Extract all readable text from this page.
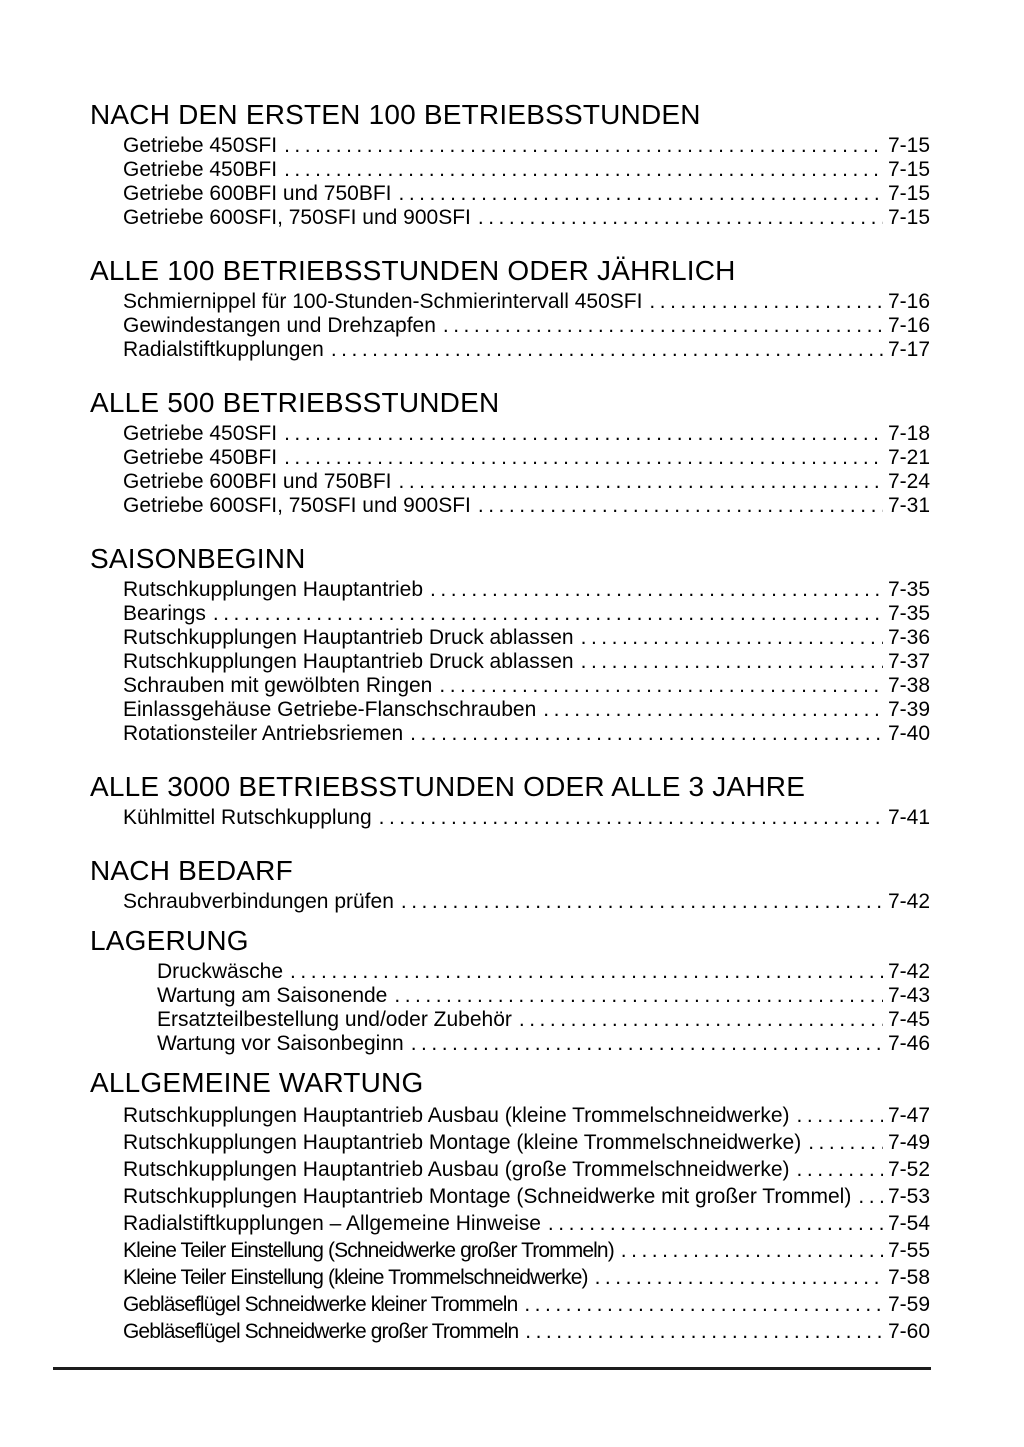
NACH DEN ERSTEN 100 BETRIEBSSTUNDEN
Getriebe 450SFI .....	7-15
Getriebe 450BFI .....	7-15
Getriebe 600BFI und 750BFI .....	7-15
Getriebe 600SFI, 750SFI und 900SFI .....	7-15
ALLE 100 BETRIEBSSTUNDEN ODER JÄHRLICH
Schmiernippel für 100-Stunden-Schmierintervall 450SFI .....	7-16
Gewindestangen und Drehzapfen .....	7-16
Radialstiftkupplungen .....	7-17
ALLE 500 BETRIEBSSTUNDEN
Getriebe 450SFI .....	7-18
Getriebe 450BFI .....	7-21
Getriebe 600BFI und 750BFI .....	7-24
Getriebe 600SFI, 750SFI und 900SFI .....	7-31
SAISONBEGINN
Rutschkupplungen Hauptantrieb .....	7-35
Bearings .....	7-35
Rutschkupplungen Hauptantrieb Druck ablassen .....	7-36
Rutschkupplungen Hauptantrieb Druck ablassen .....	7-37
Schrauben mit gewölbten Ringen .....	7-38
Einlassgehäuse Getriebe-Flanschschrauben .....	7-39
Rotationsteiler Antriebsriemen .....	7-40
ALLE 3000 BETRIEBSSTUNDEN ODER ALLE 3 JAHRE
Kühlmittel Rutschkupplung .....	7-41
NACH BEDARF
Schraubverbindungen prüfen .....	7-42
LAGERUNG
Druckwäsche .....	7-42
Wartung am Saisonende .....	7-43
Ersatzteilbestellung und/oder Zubehör .....	7-45
Wartung vor Saisonbeginn .....	7-46
ALLGEMEINE WARTUNG
Rutschkupplungen Hauptantrieb Ausbau (kleine Trommelschneidwerke) .....	7-47
Rutschkupplungen Hauptantrieb Montage (kleine Trommelschneidwerke) .....	7-49
Rutschkupplungen Hauptantrieb Ausbau (große Trommelschneidwerke) .....	7-52
Rutschkupplungen Hauptantrieb Montage (Schneidwerke mit großer Trommel) ..... 7-53
Radialstiftkupplungen – Allgemeine Hinweise .....	7-54
Kleine Teiler Einstellung (Schneidwerke großer Trommeln) .....	7-55
Kleine Teiler Einstellung (kleine Trommelschneidwerke) .....	7-58
Gebläseflügel Schneidwerke kleiner Trommeln .....	7-59
Gebläseflügel Schneidwerke großer Trommeln .....	7-60
